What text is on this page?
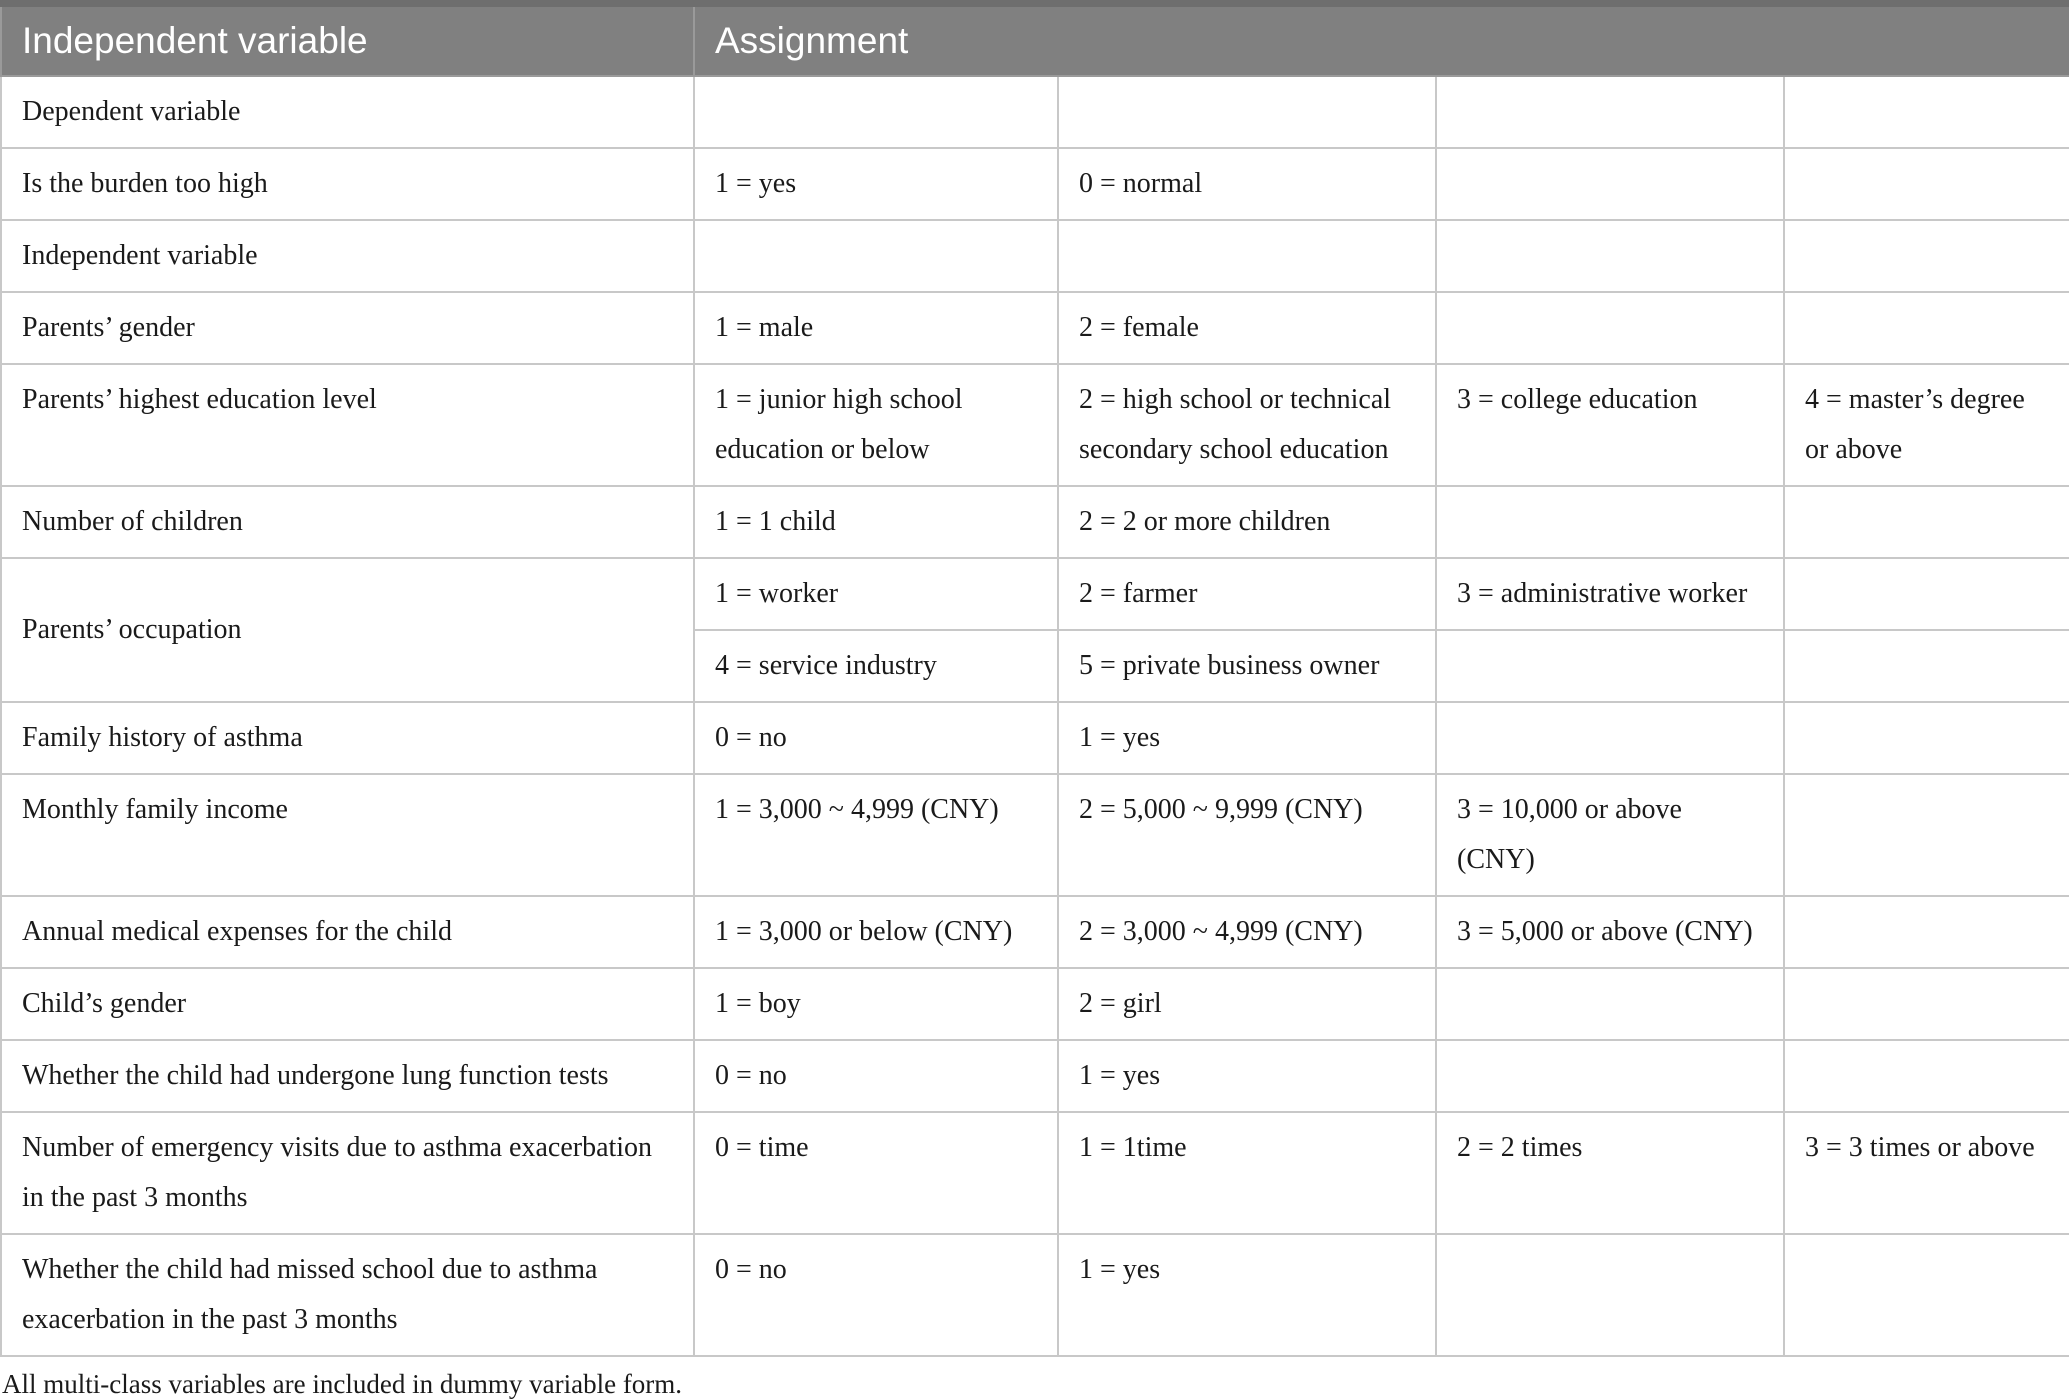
Independent variable	Assignment			
Dependent variable				
Is the burden too high	1 = yes	0 = normal		
Independent variable				
Parents’ gender	1 = male	2 = female		
Parents’ highest education level	1 = junior high school education or below	2 = high school or technical secondary school education	3 = college education	4 = master’s degree or above
Number of children	1 = 1 child	2 = 2 or more children		
Parents’ occupation	1 = worker	2 = farmer	3 = administrative worker	
	4 = service industry	5 = private business owner		
Family history of asthma	0 = no	1 = yes		
Monthly family income	1 = 3,000 ~ 4,999 (CNY)	2 = 5,000 ~ 9,999 (CNY)	3 = 10,000 or above (CNY)	
Annual medical expenses for the child	1 = 3,000 or below (CNY)	2 = 3,000 ~ 4,999 (CNY)	3 = 5,000 or above (CNY)	
Child’s gender	1 = boy	2 = girl		
Whether the child had undergone lung function tests	0 = no	1 = yes		
Number of emergency visits due to asthma exacerbation in the past 3 months	0 = time	1 = 1time	2 = 2 times	3 = 3 times or above
Whether the child had missed school due to asthma exacerbation in the past 3 months	0 = no	1 = yes		
All multi-class variables are included in dummy variable form.
